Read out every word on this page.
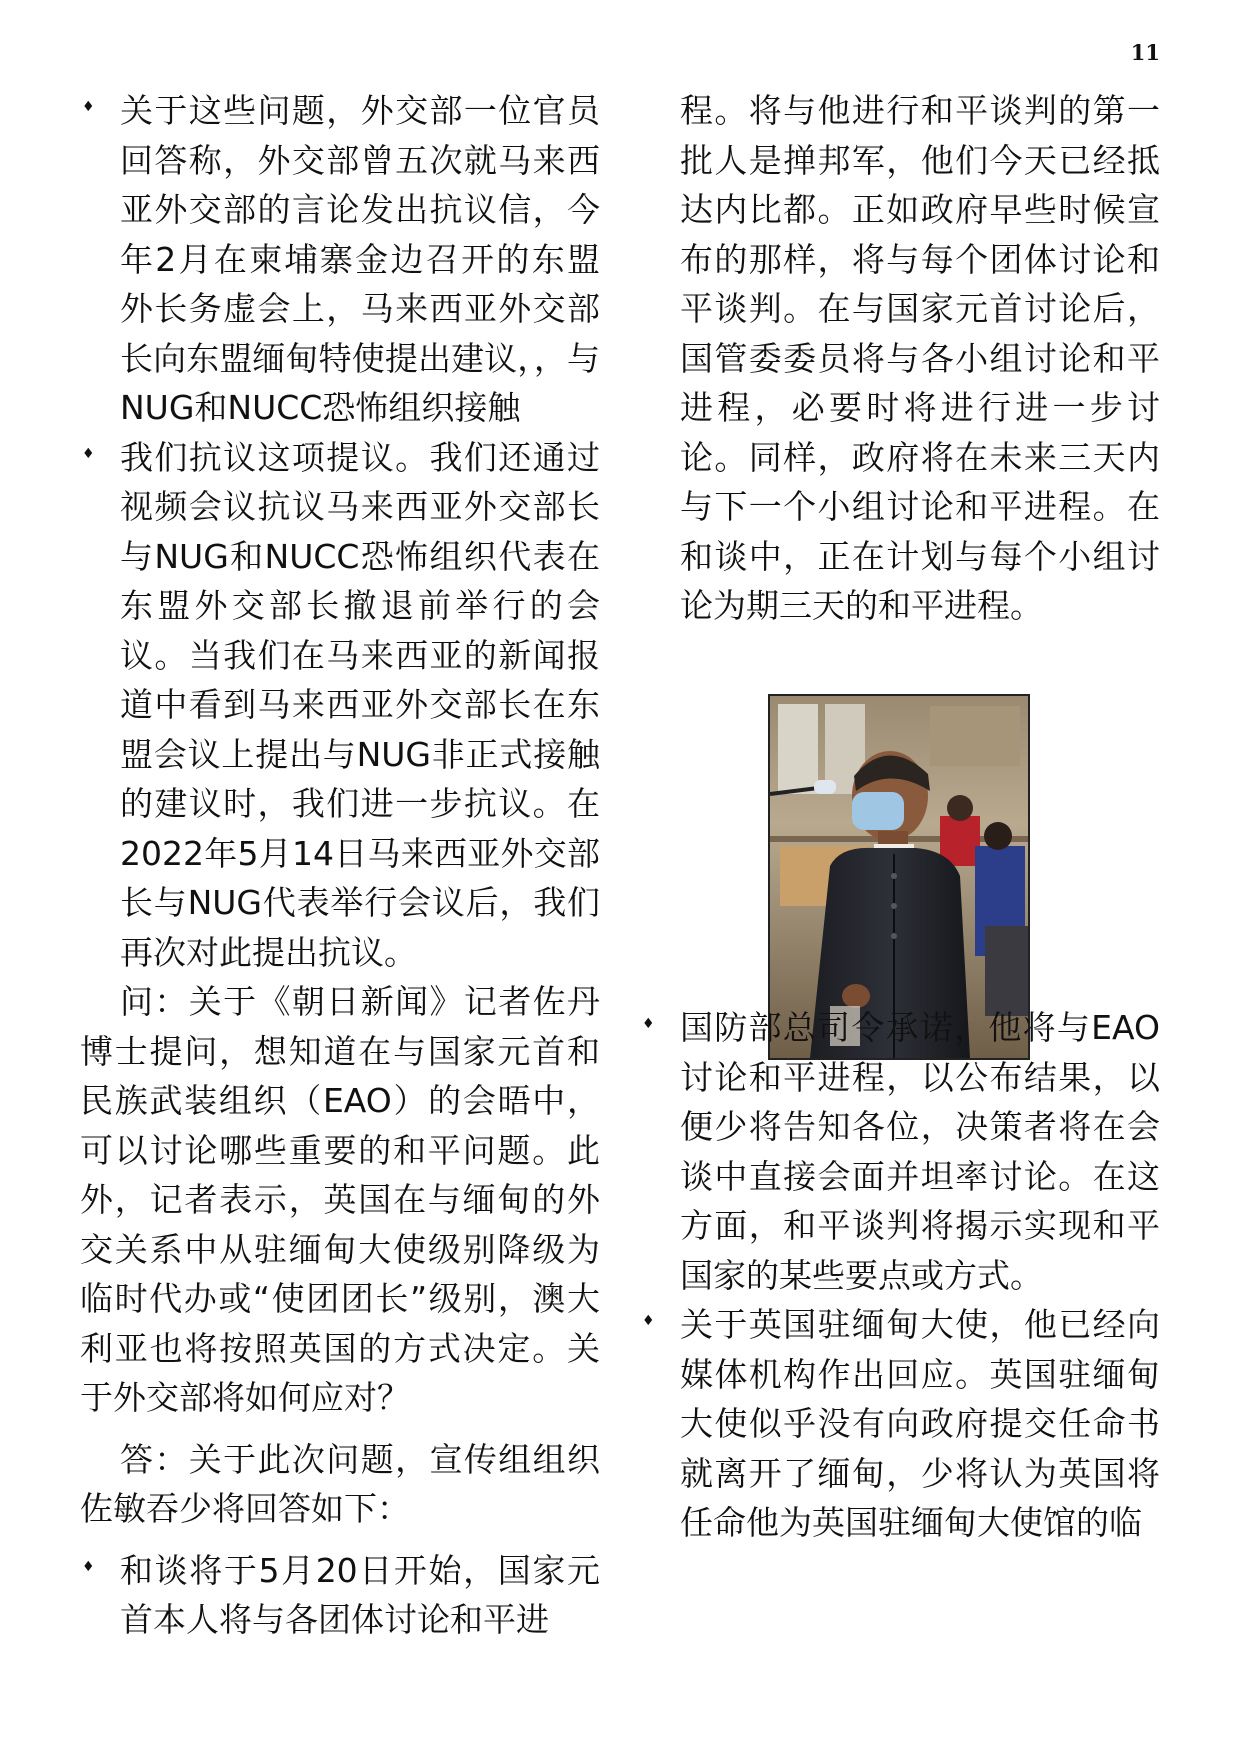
11

♦ 关于这些问题，外交部一位官员回答称，外交部曾五次就马来西亚外交部的言论发出抗议信，今年2月在柬埔寨金边召开的东盟外长务虚会上，马来西亚外交部长向东盟缅甸特使提出建议，，与NUG和NUCC恐怖组织接触

♦ 我们抗议这项提议。我们还通过视频会议抗议马来西亚外交部长与NUG和NUCC恐怖组织代表在东盟外交部长撤退前举行的会议。当我们在马来西亚的新闻报道中看到马来西亚外交部长在东盟会议上提出与NUG非正式接触的建议时，我们进一步抗议。在2022年5月14日马来西亚外交部长与NUG代表举行会议后，我们再次对此提出抗议。

问：关于《朝日新闻》记者佐丹博士提问，想知道在与国家元首和民族武装组织（EAO）的会晤中，可以讨论哪些重要的和平问题。此外，记者表示，英国在与缅甸的外交关系中从驻缅甸大使级别降级为临时代办或“使团团长”级别，澳大利亚也将按照英国的方式决定。关于外交部将如何应对？

答：关于此次问题，宣传组组织佐敏吞少将回答如下：

♦ 和谈将于5月20日开始，国家元首本人将与各团体讨论和平进

程。将与他进行和平谈判的第一批人是掸邦军，他们今天已经抵达内比都。正如政府早些时候宣布的那样，将与每个团体讨论和平谈判。在与国家元首讨论后，国管委委员将与各小组讨论和平进程，必要时将进行进一步讨论。同样，政府将在未来三天内与下一个小组讨论和平进程。在和谈中，正在计划与每个小组讨论为期三天的和平进程。

♦ 国防部总司令承诺，他将与EAO讨论和平进程，以公布结果，以便少将告知各位，决策者将在会谈中直接会面并坦率讨论。在这方面，和平谈判将揭示实现和平国家的某些要点或方式。

♦ 关于英国驻缅甸大使，他已经向媒体机构作出回应。英国驻缅甸大使似乎没有向政府提交任命书就离开了缅甸，少将认为英国将任命他为英国驻缅甸大使馆的临
